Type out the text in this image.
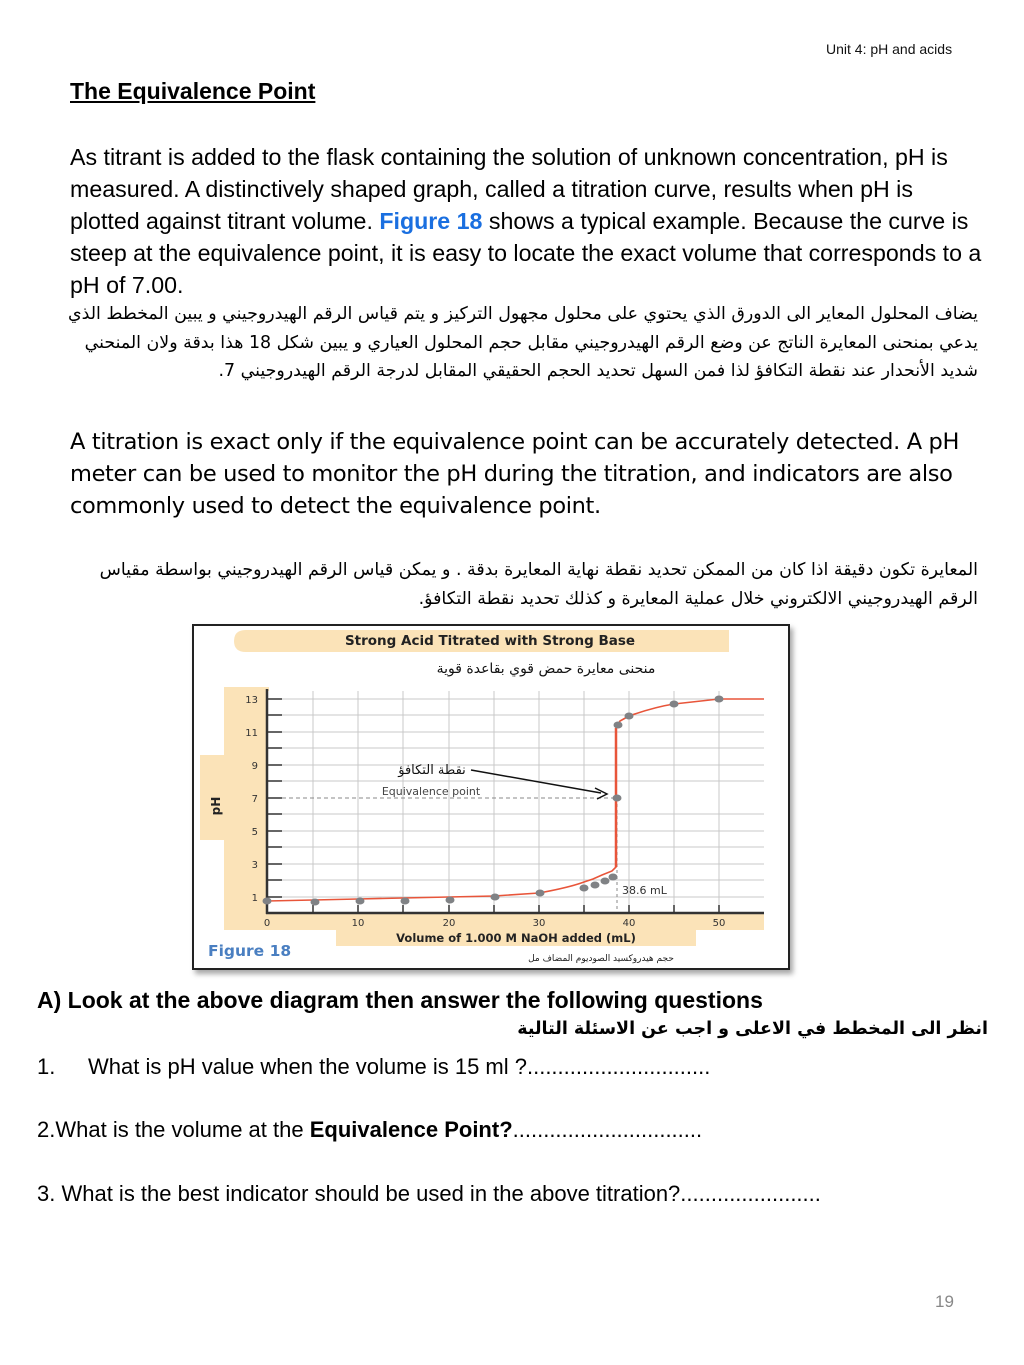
Unit 4: pH and acids
The Equivalence Point
As titrant is added to the flask containing the solution of unknown concentration, pH is measured. A distinctively shaped graph, called a titration curve, results when pH is plotted against titrant volume. Figure 18 shows a typical example. Because the curve is steep at the equivalence point, it is easy to locate the exact volume that corresponds to a pH of 7.00.
يضاف المحلول المعاير الى الدورق الذي يحتوي على محلول مجهول التركيز و يتم قياس الرقم الهيدروجيني و يبين المخطط الذي يدعي بمنحنى المعايرة الناتج عن وضع الرقم الهيدروجيني مقابل حجم المحلول العياري و يبين شكل 18 هذا بدقة ولان المنحني شديد الأنحدار عند نقطة التكافؤ لذا فمن السهل تحديد الحجم الحقيقي المقابل لدرجة الرقم الهيدروجيني 7.
A titration is exact only if the equivalence point can be accurately detected. A pH meter can be used to monitor the pH during the titration, and indicators are also commonly used to detect the equivalence point.
المعايرة تكون دقيقة اذا كان من الممكن تحديد نقطة نهاية المعايرة بدقة . و يمكن قياس الرقم الهيدروجيني بواسطة مقياس الرقم الهيدروجيني الالكتروني خلال عملية المعايرة و كذلك تحديد نقطة التكافؤ.
Strong Acid Titrated with Strong Base
منحنى معايرة حمض قوي بقاعدة قوية
13
11
9
7
5
3
1
pH
0	10	20	30	40	50
Volume of 1.000 M NaOH added (mL)
حجم هيدروكسيد الصوديوم المضاف مل
نقطة التكافؤ
Equivalence point
38.6 mL
Figure 18
A) Look at the above diagram then answer the following questions
انظر الى المخطط في الاعلى و اجب عن الاسئلة التالية
1. What is pH value when the volume is 15 ml ?..............................
2.What is the volume at the Equivalence Point?...............................
3. What is the best indicator should be used in the above titration?.......................
19
